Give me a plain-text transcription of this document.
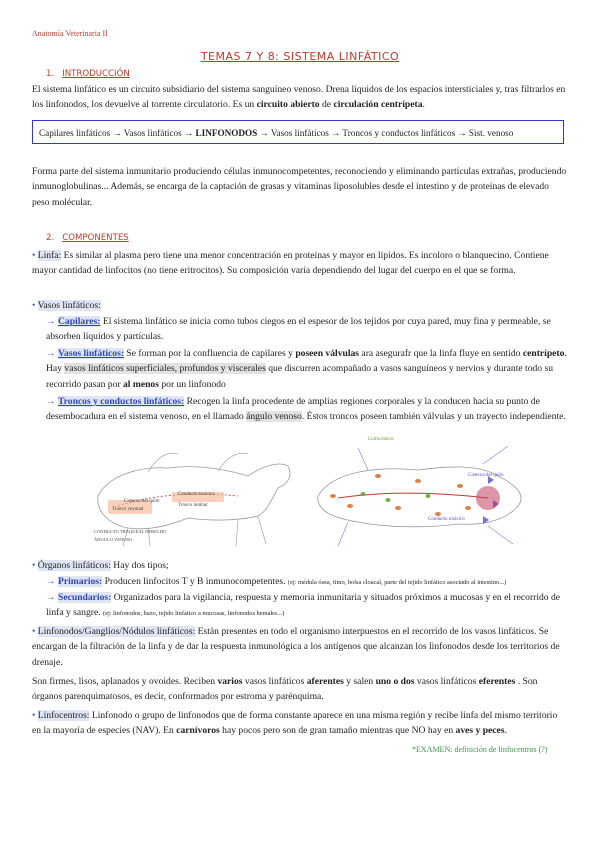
Anatomía Veterinaria II
TEMAS 7 Y 8: SISTEMA LINFÁTICO
1. INTRODUCCIÓN
El sistema linfático es un circuito subsidiario del sistema sanguíneo venoso. Drena líquidos de los espacios intersticiales y, tras filtrarlos en los linfonodos, los devuelve al torrente circulatorio. Es un circuito abierto de circulación centrípeta.
Capilares linfáticos → Vasos linfáticos → LINFONODOS → Vasos linfáticos → Troncos y conductos linfáticos → Sist. venoso
Forma parte del sistema inmunitario produciendo células inmunocompetentes, reconociendo y eliminando partículas extrañas, produciendo inmunoglobulinas... Además, se encarga de la captación de grasas y vitaminas liposolubles desde el intestino y de proteínas de elevado peso molécular.
2. COMPONENTES
• Linfa: Es similar al plasma pero tiene una menor concentración en proteínas y mayor en lípidos. Es incoloro o blanquecino. Contiene mayor cantidad de linfocitos (no tiene eritrocitos). Su composición varía dependiendo del lugar del cuerpo en el que se forma.
• Vasos linfáticos:
→ Capilares: El sistema linfático se inicia como tubos ciegos en el espesor de los tejidos por cuya pared, muy fina y permeable, se absorben líquidos y partículas.
→ Vasos linfáticos: Se forman por la confluencia de capilares y poseen válvulas ara asegurafr que la linfa fluye en sentido centrípeto. Hay vasos linfáticos superficiales, profundos y viscerales que discurren acompañado a vasos sanguíneos y nervios y durante todo su recorrido pasan por al menos por un linfonodo
→ Troncos y conductos linfáticos: Recogen la linfa procedente de amplias regiones corporales y la conducen hacia su punto de desembocadura en el sistema venoso, en el llamado ángulo venoso. Éstos troncos poseen también válvulas y un trayecto independiente.
Cisterna del quilo
Tronco yeyunal
Conducto torácico
Tronco lumbar
CONDUCTO TRAQUEAL DERECHO
ÁNGULO VENOSO
Linfocentros
Cisterna del quilo
Conducto torácico
• Órganos linfáticos: Hay dos tipos;
→ Primarios: Producen linfocitos T y B inmunocompetentes. (ej: médula ósea, timo, bolsa cloacal, parte del tejido linfático asociado al intestino...)
→ Secundarios: Organizados para la vigilancia, respuesta y memoria inmunitaria y situados próximos a mucosas y en el recorrido de linfa y sangre. (ej: linfonodos, bazo, tejido linfático a mucosas, linfonodos hemales...)
• Linfonodos/Ganglios/Nódulos linfáticos: Están presentes en todo el organismo interpuestos en el recorrido de los vasos linfáticos. Se encargan de la filtración de la linfa y de dar la respuesta inmunológica a los antígenos que alcanzan los linfonodos desde los territorios de drenaje.
Son firmes, lisos, aplanados y ovoides. Reciben varios vasos linfáticos aferentes y salen uno o dos vasos linfáticos eferentes . Son órganos parenquimatosos, es decir, conformados por estroma y parénquima.
• Linfocentros: Linfonodo o grupo de linfonodos que de forma constante aparece en una misma región y recibe linfa del mismo territorio en la mayoría de especies (NAV). En carnívoros hay pocos pero son de gran tamaño mientras que NO hay en aves y peces.
*EXAMEN: definición de linfocentros (?)
